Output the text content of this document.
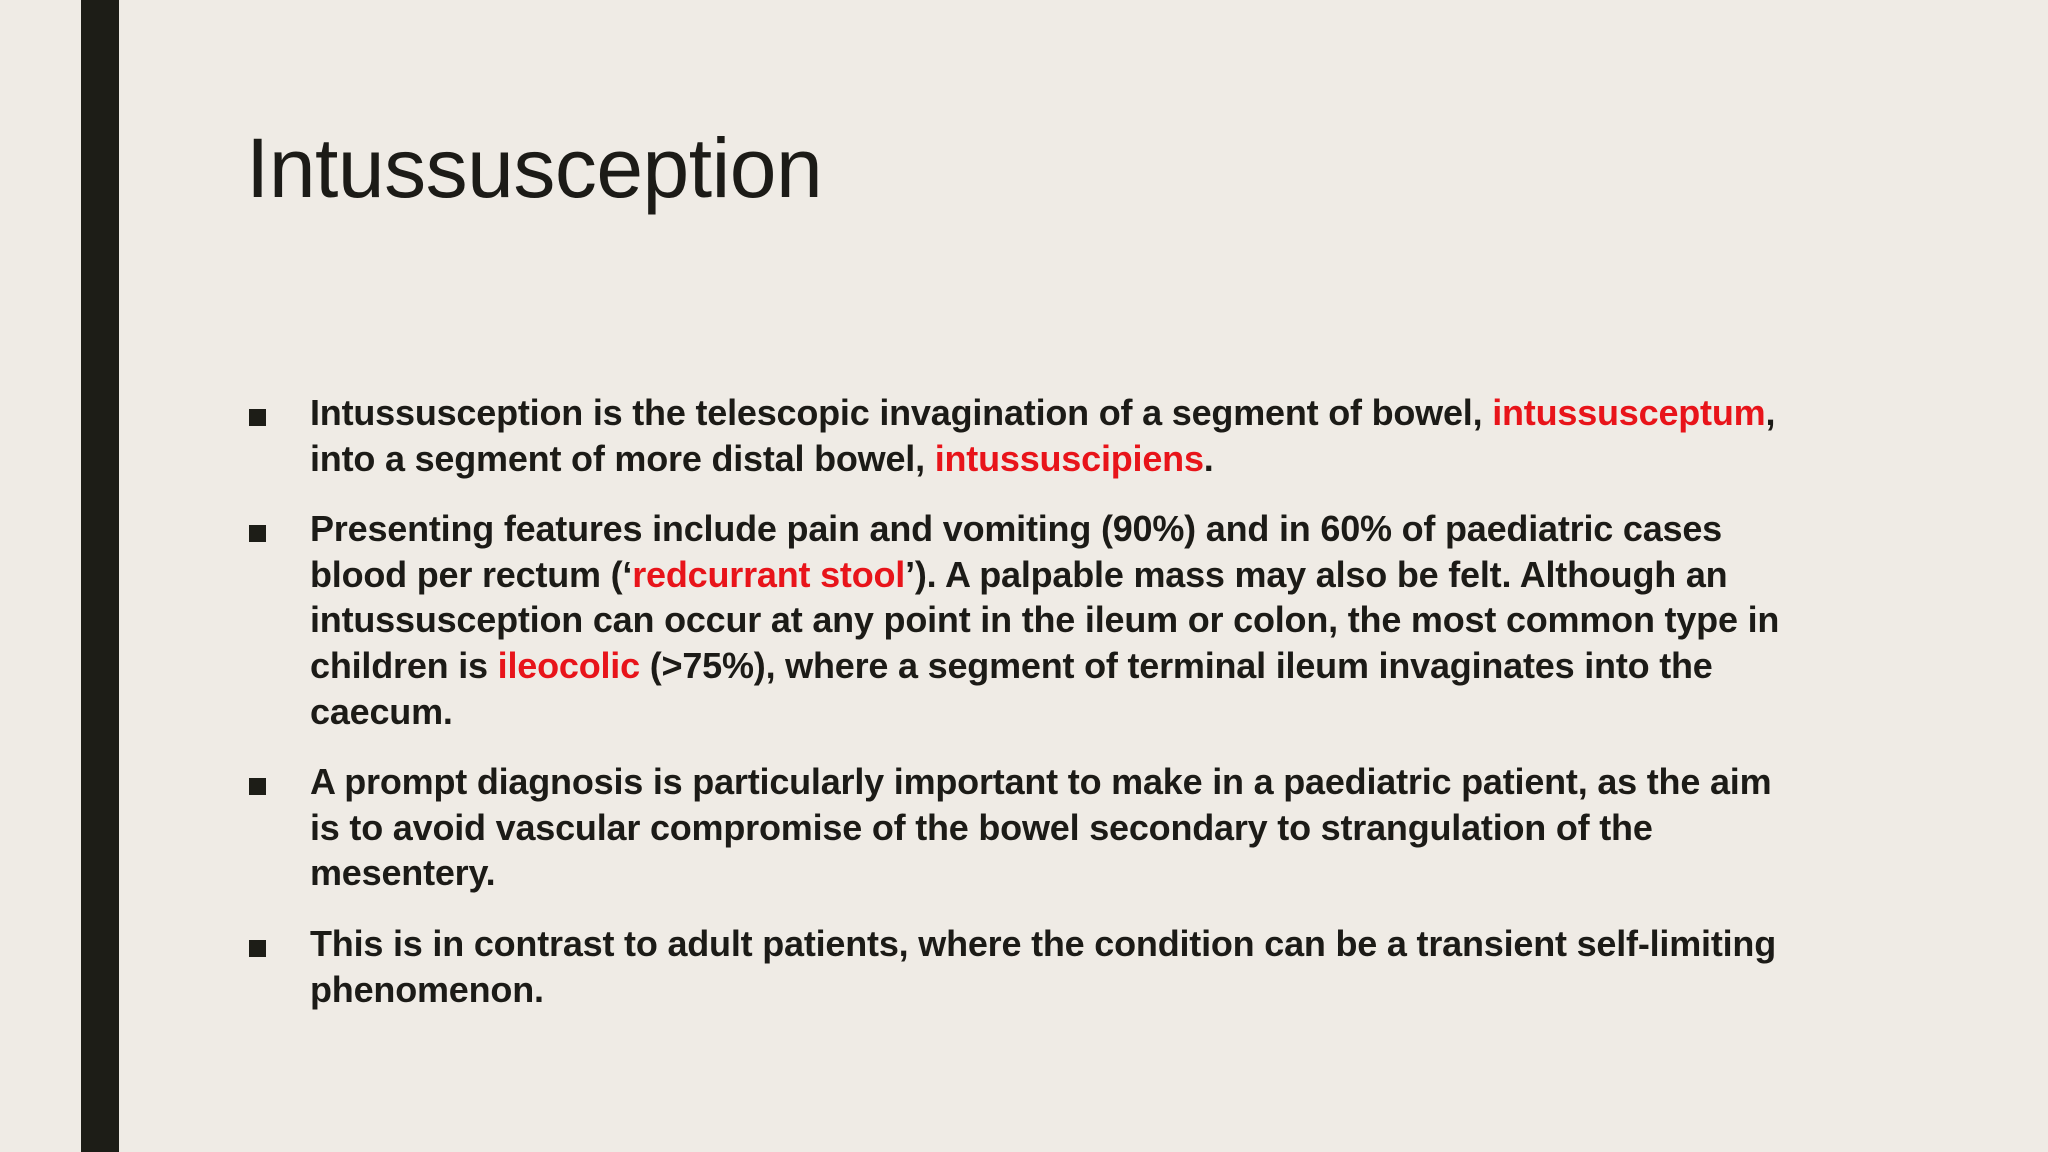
Intussusception
Intussusception is the telescopic invagination of a segment of bowel, intussusceptum,
into a segment of more distal bowel, intussuscipiens.
Presenting features include pain and vomiting (90%) and in 60% of paediatric cases
blood per rectum (‘redcurrant stool’). A palpable mass may also be felt. Although an
intussusception can occur at any point in the ileum or colon, the most common type in
children is ileocolic (>75%), where a segment of terminal ileum invaginates into the
caecum.
A prompt diagnosis is particularly important to make in a paediatric patient, as the aim
is to avoid vascular compromise of the bowel secondary to strangulation of the
mesentery.
This is in contrast to adult patients, where the condition can be a transient self-limiting
phenomenon.
